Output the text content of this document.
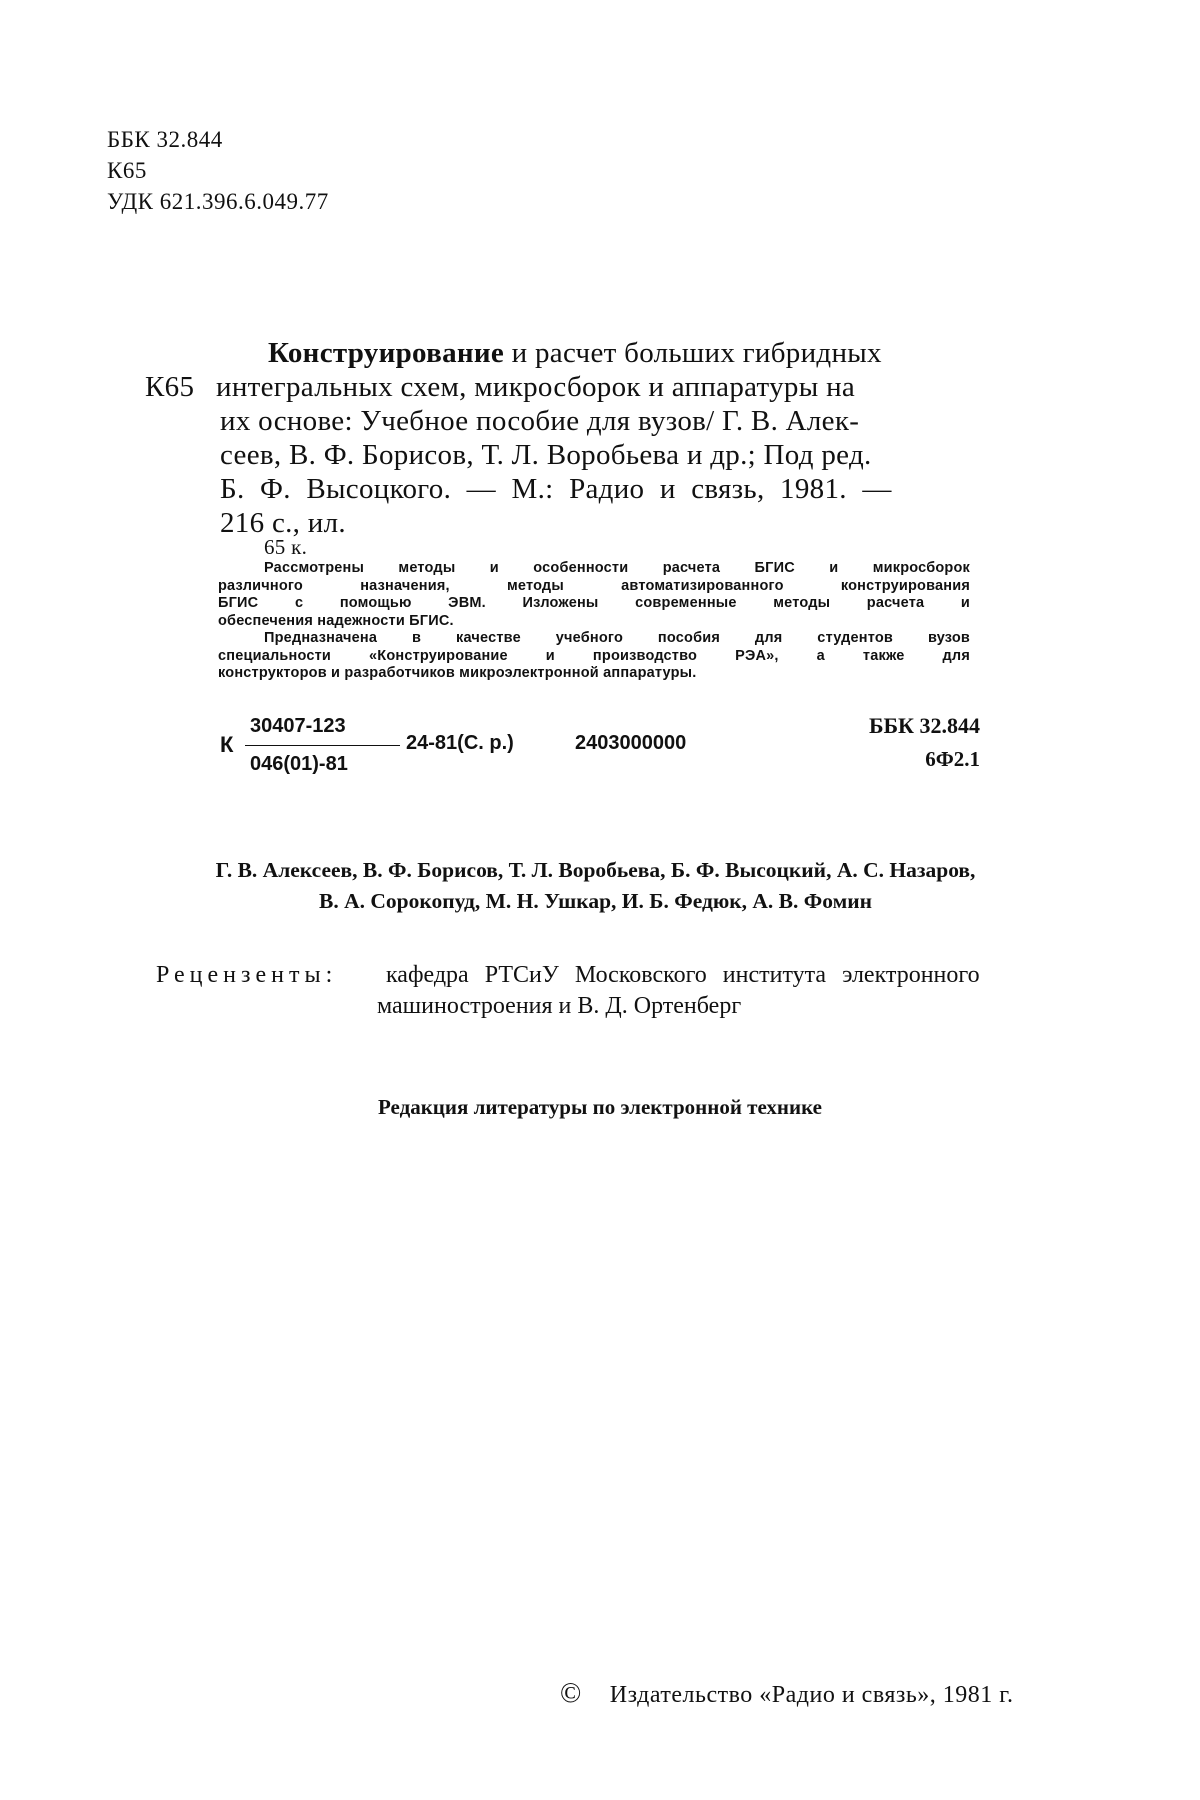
ББК 32.844
К65
УДК 621.396.6.049.77
Конструирование и расчет больших гибридных
К65 интегральных схем, микросборок и аппаратуры на
их основе: Учебное пособие для вузов/ Г. В. Алек-
сеев, В. Ф. Борисов, Т. Л. Воробьева и др.; Под ред.
Б. Ф. Высоцкого. — М.: Радио и связь, 1981. —
216 с., ил.
65 к.

Рассмотрены методы и особенности расчета БГИС и микросборок

различного назначения, методы автоматизированного конструирования

БГИС с помощью ЭВМ. Изложены современные методы расчета и

обеспечения надежности БГИС.

Предназначена в качестве учебного пособия для студентов вузов

специальности «Конструирование и производство РЭА», а также для

конструкторов и разработчиков микроэлектронной аппаратуры.

К
30407-123
046(01)-81
24-81(С. р.)	2403000000
ББК 32.844
6Ф2.1
Г. В. Алексеев, В. Ф. Борисов, Т. Л. Воробьева, Б. Ф. Высоцкий, А. С. Назаров,
В. А. Сорокопуд, М. Н. Ушкар, И. Б. Федюк, А. В. Фомин
Рецензенты: кафедра РТСиУ Московского института электронного
машиностроения и В. Д. Ортенберг
Редакция литературы по электронной технике
© Издательство «Радио и связь», 1981 г.
